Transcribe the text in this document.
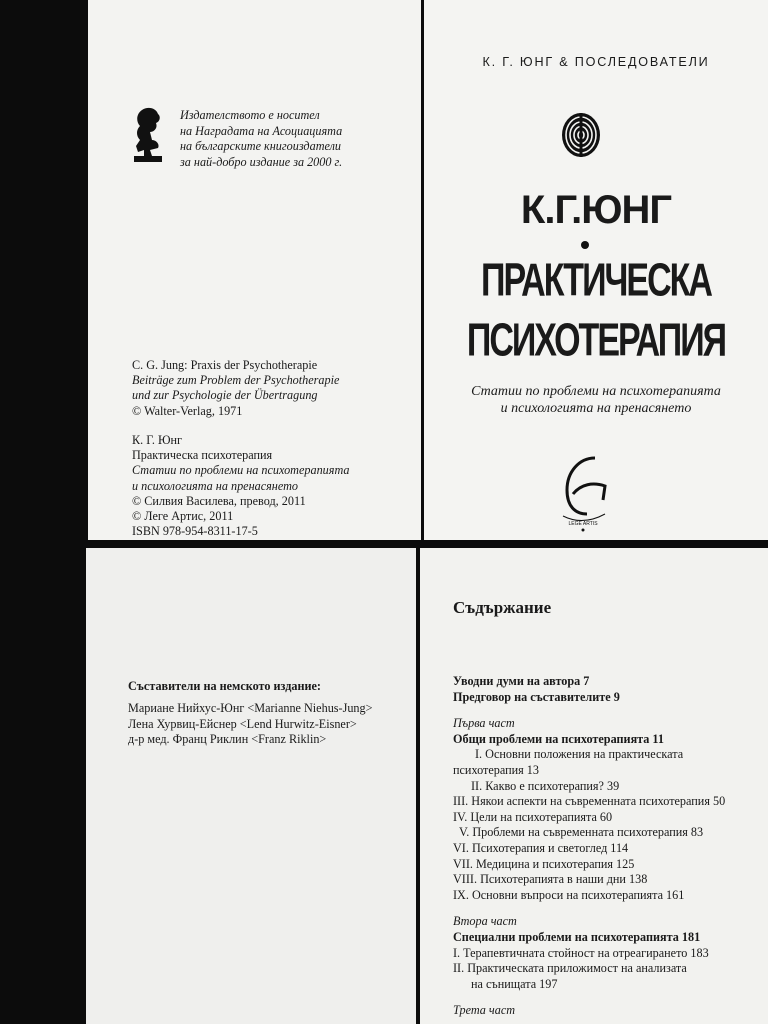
Издателството е носител
на Наградата на Асоциацията
на българските книгоиздатели
за най-добро издание за 2000 г.
C. G. Jung: Praxis der Psychotherapie
Beiträge zum Problem der Psychotherapie
und zur Psychologie der Übertragung
© Walter-Verlag, 1971
К. Г. Юнг
Практическа психотерапия
Статии по проблеми на психотерапията
и психологията на пренасянето
© Силвия Василева, превод, 2011
© Леге Артис, 2011
ISBN 978-954-8311-17-5
К. Г. ЮНГ & ПОСЛЕДОВАТЕЛИ
К.Г.ЮНГ
ПРАКТИЧЕСКА
ПСИХОТЕРАПИЯ
Статии по проблеми на психотерапията
и психологията на пренасянето
LEGE ARTIS
Съставители на немското издание:
Мариане Нийхус-Юнг <Marianne Niehus-Jung>
Лена Хурвиц-Ейснер <Lend Hurwitz-Eisner>
д-р мед. Франц Риклин <Franz Riklin>
Съдържание
Уводни думи на автора 7
Предговор на съставителите 9
Първа част
Общи проблеми на психотерапията 11
I. Основни положения на практическата
психотерапия 13
II. Какво е психотерапия? 39
III. Някои аспекти на съвременната психотерапия 50
IV. Цели на психотерапията 60
V. Проблеми на съвременната психотерапия 83
VI. Психотерапия и светоглед 114
VII. Медицина и психотерапия 125
VIII. Психотерапията в наши дни 138
IX. Основни въпроси на психотерапията 161
Втора част
Специални проблеми на психотерапията 181
I. Терапевтичната стойност на отреагирането 183
II. Практическата приложимост на анализата
на сънищата 197
Трета част
